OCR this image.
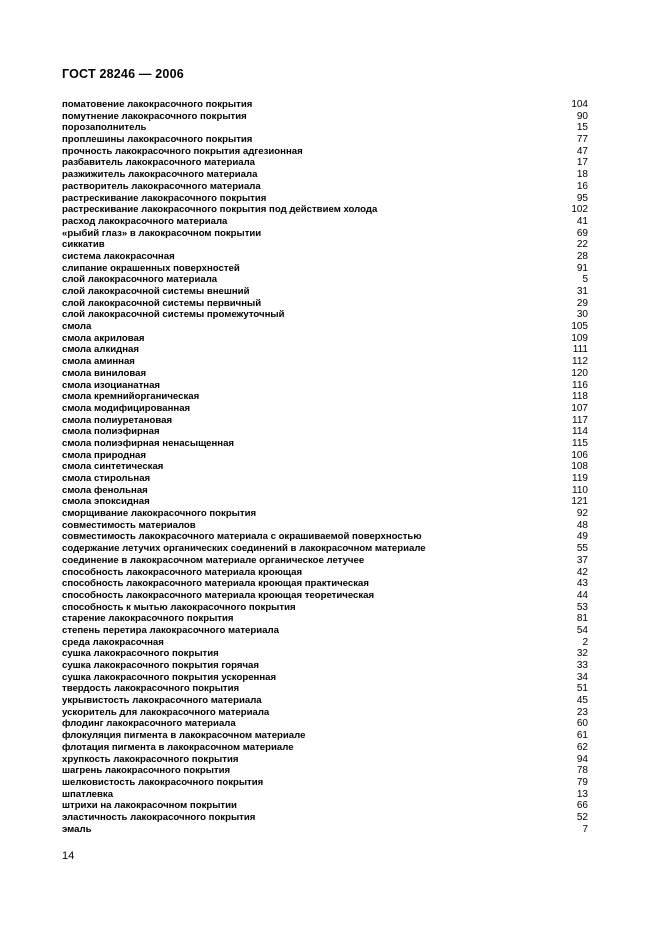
ГОСТ 28246 — 2006
поматовение лакокрасочного покрытия	104
помутнение лакокрасочного покрытия	90
порозаполнитель	15
проплешины лакокрасочного покрытия	77
прочность лакокрасочного покрытия адгезионная	47
разбавитель лакокрасочного материала	17
разжижитель лакокрасочного материала	18
растворитель лакокрасочного материала	16
растрескивание лакокрасочного покрытия	95
растрескивание лакокрасочного покрытия под действием холода	102
расход лакокрасочного материала	41
«рыбий глаз» в лакокрасочном покрытии	69
сиккатив	22
система лакокрасочная	28
слипание окрашенных поверхностей	91
слой лакокрасочного материала	5
слой лакокрасочной системы внешний	31
слой лакокрасочной системы первичный	29
слой лакокрасочной системы промежуточный	30
смола	105
смола акриловая	109
смола алкидная	111
смола аминная	112
смола виниловая	120
смола изоцианатная	116
смола кремнийорганическая	118
смола модифицированная	107
смола полиуретановая	117
смола полиэфирная	114
смола полиэфирная ненасыщенная	115
смола природная	106
смола синтетическая	108
смола стирольная	119
смола фенольная	110
смола эпоксидная	121
сморщивание лакокрасочного покрытия	92
совместимость материалов	48
совместимость лакокрасочного материала с окрашиваемой поверхностью	49
содержание летучих органических соединений в лакокрасочном материале	55
соединение в лакокрасочном материале органическое летучее	37
способность лакокрасочного материала кроющая	42
способность лакокрасочного материала кроющая практическая	43
способность лакокрасочного материала кроющая теоретическая	44
способность к мытью лакокрасочного покрытия	53
старение лакокрасочного покрытия	81
степень перетира лакокрасочного материала	54
среда лакокрасочная	2
сушка лакокрасочного покрытия	32
сушка лакокрасочного покрытия горячая	33
сушка лакокрасочного покрытия ускоренная	34
твердость лакокрасочного покрытия	51
укрывистость лакокрасочного материала	45
ускоритель для лакокрасочного материала	23
флодинг лакокрасочного материала	60
флокуляция пигмента в лакокрасочном материале	61
флотация пигмента в лакокрасочном материале	62
хрупкость лакокрасочного покрытия	94
шагрень лакокрасочного покрытия	78
шелковистость лакокрасочного покрытия	79
шпатлевка	13
штрихи на лакокрасочном покрытии	66
эластичность лакокрасочного покрытия	52
эмаль	7
14
